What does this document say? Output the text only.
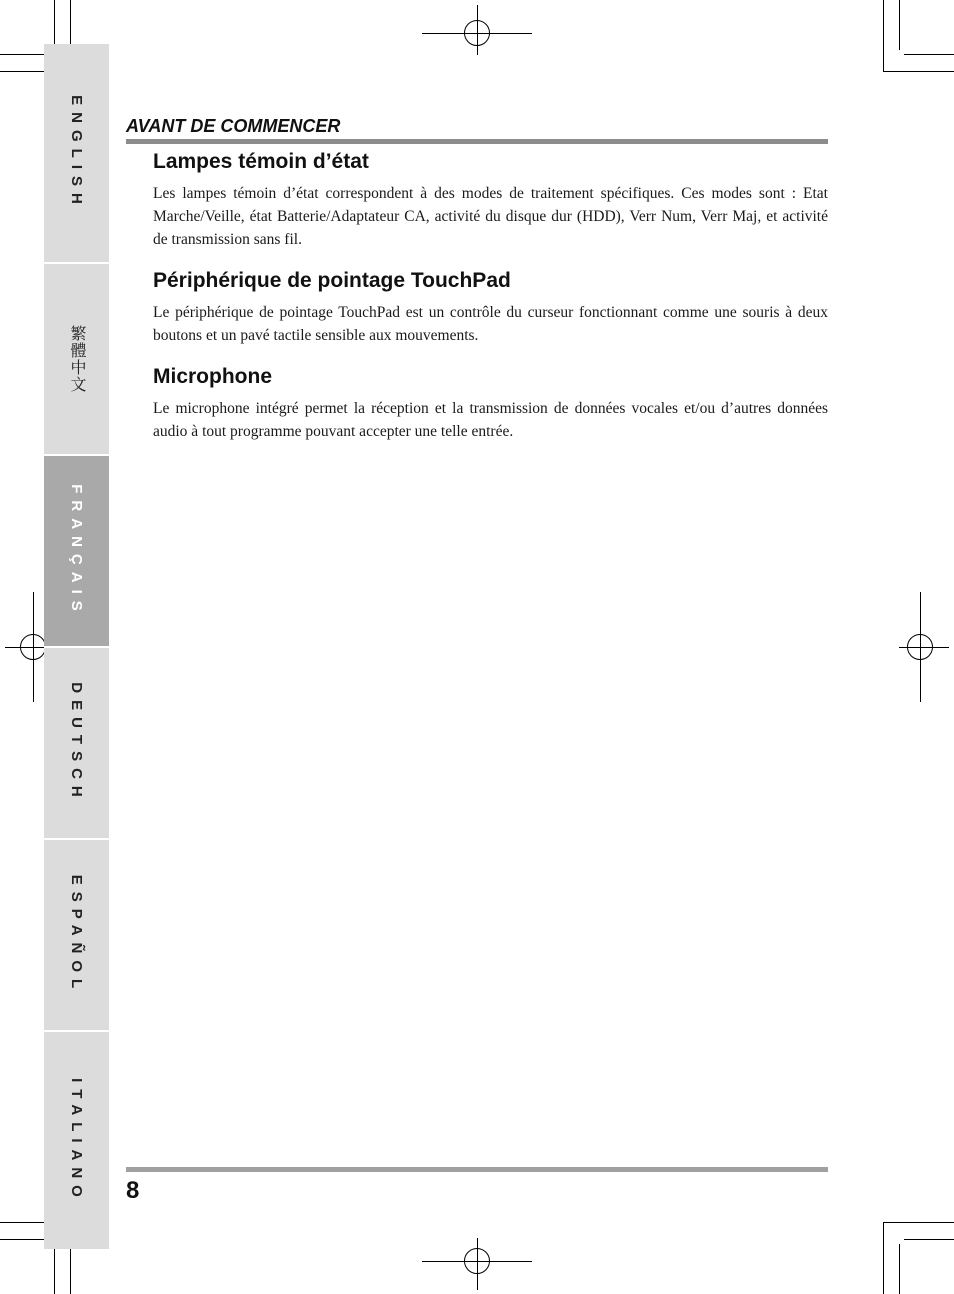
ENGLISH
繁體中文
FRANÇAIS
DEUTSCH
ESPAÑOL
ITALIANO
AVANT DE COMMENCER
Lampes témoin d’état

Les lampes témoin d’état correspondent à des modes de traitement spécifiques. Ces modes sont : Etat Marche/Veille, état Batterie/Adaptateur CA, activité du disque dur (HDD), Verr Num, Verr Maj, et activité de transmission sans fil.

Périphérique de pointage TouchPad

Le périphérique de pointage TouchPad est un contrôle du curseur fonctionnant comme une souris à deux boutons et un pavé tactile sensible aux mouvements.

Microphone

Le microphone intégré permet la réception et la transmission de données vocales et/ou d’autres données audio à tout programme pouvant accepter une telle entrée.

8
